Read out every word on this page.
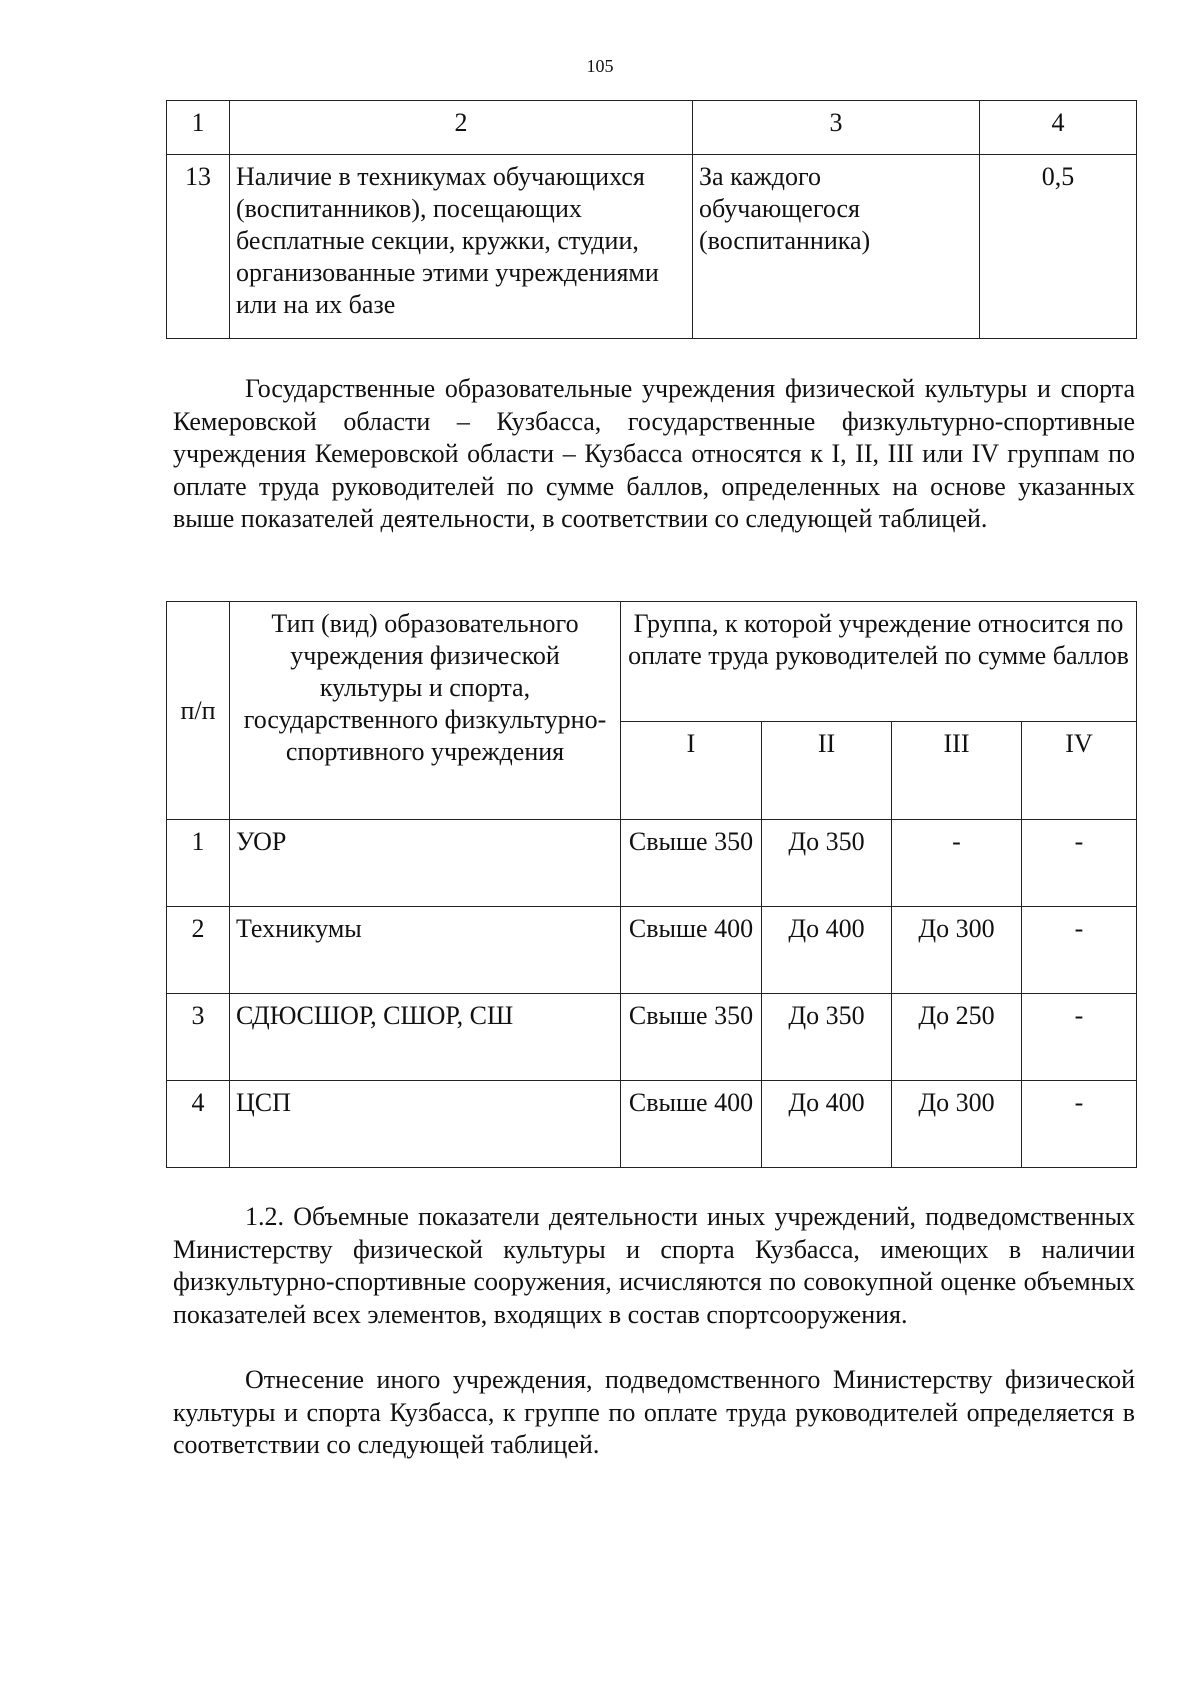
105
1	2	3	4
13	Наличие в техникумах обучающихся (воспитанников), посещающих бесплатные секции, кружки, студии, организованные этими учреждениями или на их базе	За каждого обучающегося (воспитанника)	0,5

Государственные образовательные учреждения физической культуры и спорта Кемеровской области – Кузбасса, государственные физкультурно-спортивные учреждения Кемеровской области – Кузбасса относятся к I, II, III или IV группам по оплате труда руководителей по сумме баллов, определенных на основе указанных выше показателей деятельности, в соответствии со следующей таблицей.

п/п	Тип (вид) образовательного учреждения физической культуры и спорта, государственного физкультурно-спортивного учреждения	Группа, к которой учреждение относится по оплате труда руководителей по сумме баллов			
		I	II	III	IV
1	УОР	Свыше 350	До 350	-	-
2	Техникумы	Свыше 400	До 400	До 300	-
3	СДЮСШОР, СШОР, СШ	Свыше 350	До 350	До 250	-
4	ЦСП	Свыше 400	До 400	До 300	-

1.2. Объемные показатели деятельности иных учреждений, подведомственных Министерству физической культуры и спорта Кузбасса, имеющих в наличии физкультурно-спортивные сооружения, исчисляются по совокупной оценке объемных показателей всех элементов, входящих в состав спортсооружения.

Отнесение иного учреждения, подведомственного Министерству физической культуры и спорта Кузбасса, к группе по оплате труда руководителей определяется в соответствии со следующей таблицей.
